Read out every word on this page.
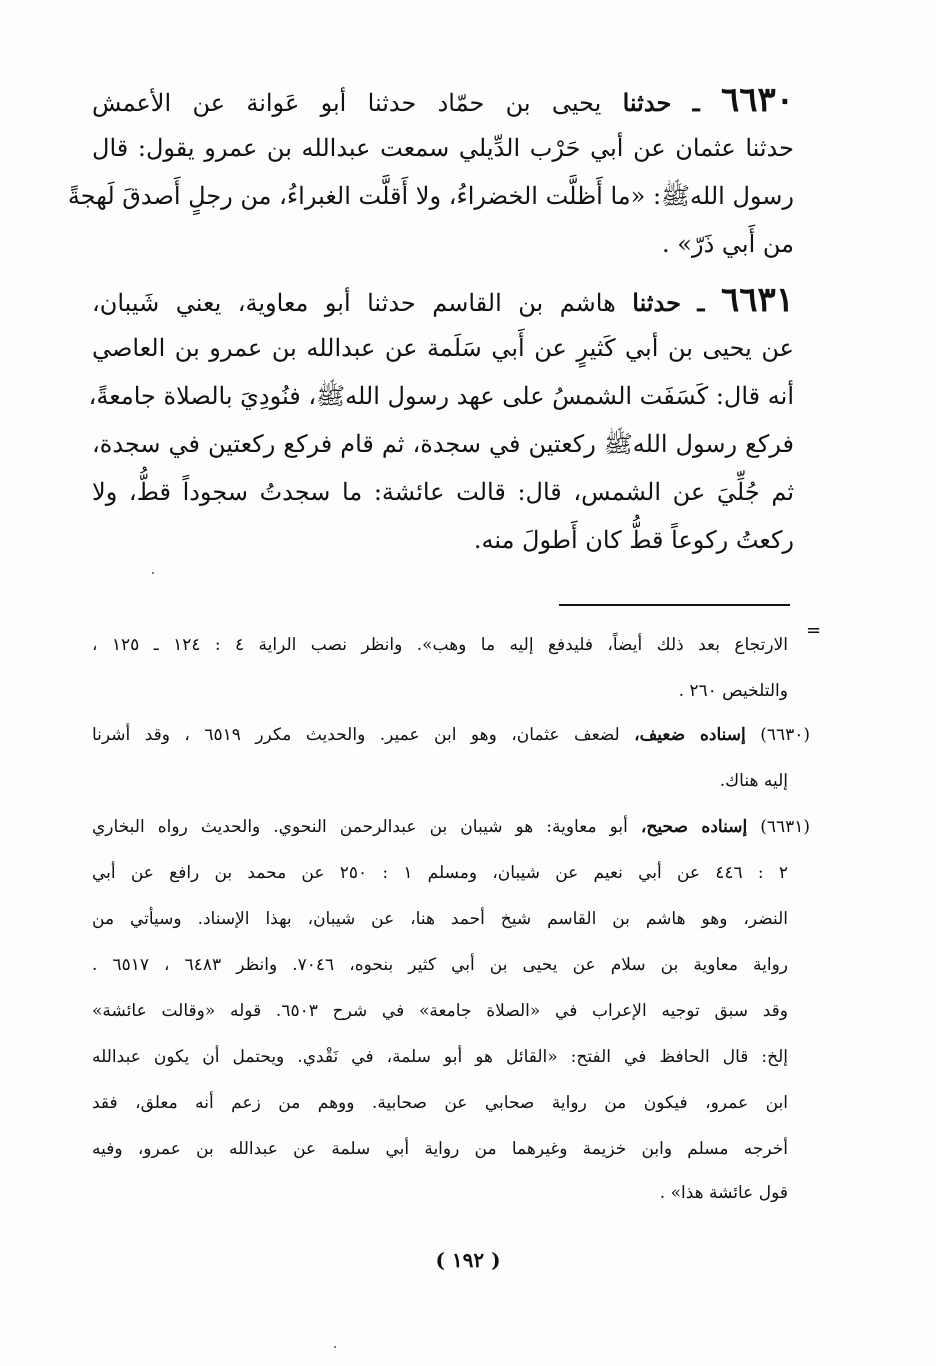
٦٦٣٠ ـ حدثنا يحيى بن حمّاد حدثنا أبو عَوانة عن الأعمش
حدثنا عثمان عن أبي حَرْب الدِّيلي سمعت عبدالله بن عمرو يقول: قال
رسول اللهﷺ: «ما أَظلَّت الخضراءُ، ولا أَقلَّت الغبراءُ، من رجلٍ أَصدقَ لَهجةً
من أَبي ذَرّ» .
٦٦٣١ ـ حدثنا هاشم بن القاسم حدثنا أبو معاوية، يعني شَيبان،
عن يحيى بن أبي كَثيرٍ عن أَبي سَلَمة عن عبدالله بن عمرو بن العاصي
أنه قال: كَسَفَت الشمسُ على عهد رسول اللهﷺ، فنُودِيَ بالصلاة جامعةً،
فركع رسول اللهﷺ ركعتين في سجدة، ثم قام فركع ركعتين في سجدة،
ثم جُلِّيَ عن الشمس، قال: قالت عائشة: ما سجدتُ سجوداً قطُّ، ولا
ركعتُ ركوعاً قطُّ كان أَطولَ منه.
=
الارتجاع بعد ذلك أيضاً، فليدفع إليه ما وهب». وانظر نصب الراية ٤ : ١٢٤ ـ ١٢٥ ،
والتلخيص ٢٦٠ .
(٦٦٣٠) إسناده ضعيف، لضعف عثمان، وهو ابن عمير. والحديث مكرر ٦٥١٩ ، وقد أشرنا
إليه هناك.
(٦٦٣١) إسناده صحيح، أبو معاوية: هو شيبان بن عبدالرحمن النحوي. والحديث رواه البخاري
٢ : ٤٤٦ عن أبي نعيم عن شيبان، ومسلم ١ : ٢٥٠ عن محمد بن رافع عن أبي
النضر، وهو هاشم بن القاسم شيخ أحمد هنا، عن شيبان، بهذا الإسناد. وسيأتي من
رواية معاوية بن سلام عن يحيى بن أبي كثير بنحوه، ٧٠٤٦. وانظر ٦٤٨٣ ، ٦٥١٧ .
وقد سبق توجيه الإعراب في «الصلاة جامعة» في شرح ٦٥٠٣. قوله «وقالت عائشة»
إلخ: قال الحافظ في الفتح: «القائل هو أبو سلمة، في نَقْدي. ويحتمل أن يكون عبدالله
ابن عمرو، فيكون من رواية صحابي عن صحابية. ووهم من زعم أنه معلق، فقد
أخرجه مسلم وابن خزيمة وغيرهما من رواية أبي سلمة عن عبدالله بن عمرو، وفيه
قول عائشة هذا» .
( ١٩٢ )
